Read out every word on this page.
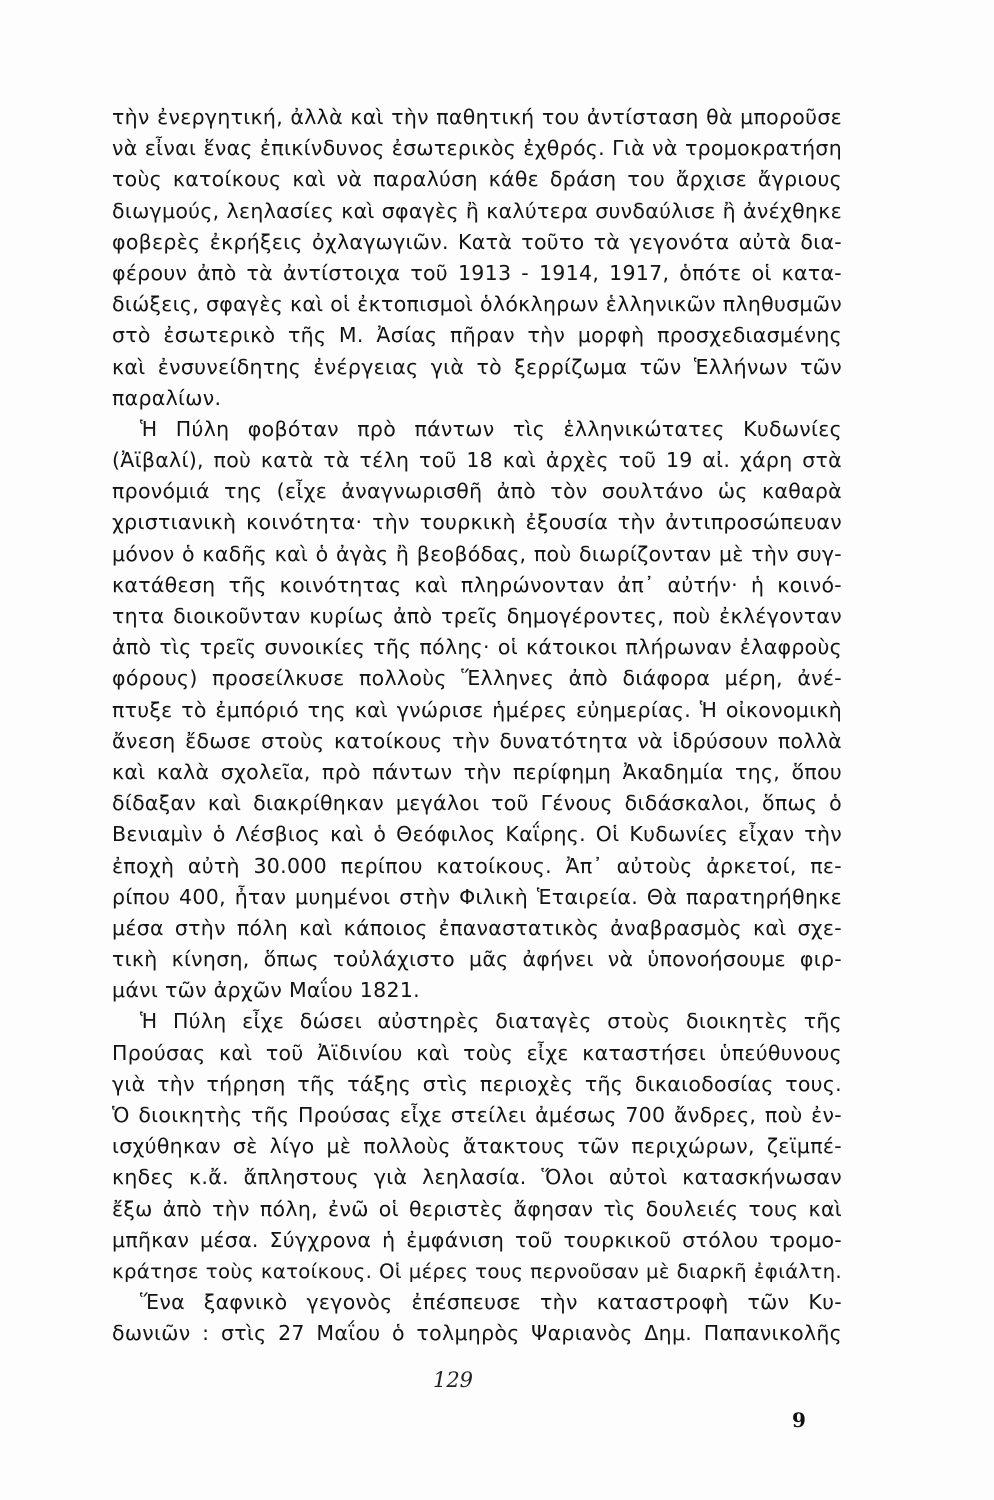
τὴν ἐνεργητική, ἀλλὰ καὶ τὴν παθητική του ἀντίσταση θὰ μποροῦσε
νὰ εἶναι ἕνας ἐπικίνδυνος ἐσωτερικὸς ἐχθρός. Γιὰ νὰ τρομοκρατήση
τοὺς κατοίκους καὶ νὰ παραλύση κάθε δράση του ἄρχισε ἄγριους
διωγμούς, λεηλασίες καὶ σφαγὲς ἢ καλύτερα συνδαύλισε ἢ ἀνέχθηκε
φοβερὲς ἐκρήξεις ὀχλαγωγιῶν. Κατὰ τοῦτο τὰ γεγονότα αὐτὰ δια-
φέρουν ἀπὸ τὰ ἀντίστοιχα τοῦ 1913 - 1914, 1917, ὁπότε οἱ κατα-
διώξεις, σφαγὲς καὶ οἱ ἐκτοπισμοὶ ὁλόκληρων ἑλληνικῶν πληθυσμῶν
στὸ ἐσωτερικὸ τῆς Μ. Ἀσίας πῆραν τὴν μορφὴ προσχεδιασμένης
καὶ ἐνσυνείδητης ἐνέργειας γιὰ τὸ ξερρίζωμα τῶν Ἑλλήνων τῶν
παραλίων.
Ἡ Πύλη φοβόταν πρὸ πάντων τὶς ἑλληνικώτατες Κυδωνίες
(Ἀϊβαλί), ποὺ κατὰ τὰ τέλη τοῦ 18 καὶ ἀρχὲς τοῦ 19 αἰ. χάρη στὰ
προνόμιά της (εἶχε ἀναγνωρισθῆ ἀπὸ τὸν σουλτάνο ὡς καθαρὰ
χριστιανικὴ κοινότητα· τὴν τουρκικὴ ἐξουσία τὴν ἀντιπροσώπευαν
μόνον ὁ καδῆς καὶ ὁ ἀγὰς ἢ βεοβόδας, ποὺ διωρίζονταν μὲ τὴν συγ-
κατάθεση τῆς κοινότητας καὶ πληρώνονταν ἀπ᾽ αὐτήν· ἡ κοινό-
τητα διοικοῦνταν κυρίως ἀπὸ τρεῖς δημογέροντες, ποὺ ἐκλέγονταν
ἀπὸ τὶς τρεῖς συνοικίες τῆς πόλης· οἱ κάτοικοι πλήρωναν ἐλαφροὺς
φόρους) προσείλκυσε πολλοὺς Ἕλληνες ἀπὸ διάφορα μέρη, ἀνέ-
πτυξε τὸ ἐμπόριό της καὶ γνώρισε ἡμέρες εὐημερίας. Ἡ οἰκονομικὴ
ἄνεση ἔδωσε στοὺς κατοίκους τὴν δυνατότητα νὰ ἱδρύσουν πολλὰ
καὶ καλὰ σχολεῖα, πρὸ πάντων τὴν περίφημη Ἀκαδημία της, ὅπου
δίδαξαν καὶ διακρίθηκαν μεγάλοι τοῦ Γένους διδάσκαλοι, ὅπως ὁ
Βενιαμὶν ὁ Λέσβιος καὶ ὁ Θεόφιλος Καΐρης. Οἱ Κυδωνίες εἶχαν τὴν
ἐποχὴ αὐτὴ 30.000 περίπου κατοίκους. Ἀπ᾽ αὐτοὺς ἀρκετοί, πε-
ρίπου 400, ἦταν μυημένοι στὴν Φιλικὴ Ἑταιρεία. Θὰ παρατηρήθηκε
μέσα στὴν πόλη καὶ κάποιος ἐπαναστατικὸς ἀναβρασμὸς καὶ σχε-
τικὴ κίνηση, ὅπως τοὐλάχιστο μᾶς ἀφήνει νὰ ὑπονοήσουμε φιρ-
μάνι τῶν ἀρχῶν Μαΐου 1821.
Ἡ Πύλη εἶχε δώσει αὐστηρὲς διαταγὲς στοὺς διοικητὲς τῆς
Προύσας καὶ τοῦ Ἀϊδινίου καὶ τοὺς εἶχε καταστήσει ὑπεύθυνους
γιὰ τὴν τήρηση τῆς τάξης στὶς περιοχὲς τῆς δικαιοδοσίας τους.
Ὁ διοικητὴς τῆς Προύσας εἶχε στείλει ἀμέσως 700 ἄνδρες, ποὺ ἐν-
ισχύθηκαν σὲ λίγο μὲ πολλοὺς ἄτακτους τῶν περιχώρων, ζεϊμπέ-
κηδες κ.ἄ. ἄπληστους γιὰ λεηλασία. Ὅλοι αὐτοὶ κατασκήνωσαν
ἔξω ἀπὸ τὴν πόλη, ἐνῶ οἱ θεριστὲς ἄφησαν τὶς δουλειές τους καὶ
μπῆκαν μέσα. Σύγχρονα ἡ ἐμφάνιση τοῦ τουρκικοῦ στόλου τρομο-
κράτησε τοὺς κατοίκους. Οἱ μέρες τους περνοῦσαν μὲ διαρκῆ ἐφιάλτη.
Ἕνα ξαφνικὸ γεγονὸς ἐπέσπευσε τὴν καταστροφὴ τῶν Κυ-
δωνιῶν : στὶς 27 Μαΐου ὁ τολμηρὸς Ψαριανὸς Δημ. Παπανικολῆς
129
9
